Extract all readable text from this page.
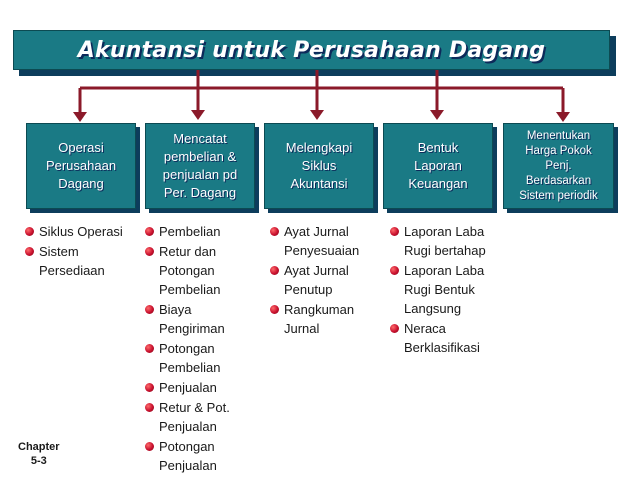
Akuntansi untuk Perusahaan Dagang
Operasi
Perusahaan
Dagang
Mencatat
pembelian &
penjualan pd
Per. Dagang
Melengkapi
Siklus
Akuntansi
Bentuk
Laporan
Keuangan
Menentukan
Harga Pokok
Penj.
Berdasarkan
Sistem periodik
Siklus Operasi
Sistem
Persediaan
Pembelian
Retur dan
Potongan
Pembelian
Biaya
Pengiriman
Potongan
Pembelian
Penjualan
Retur & Pot.
Penjualan
Potongan
Penjualan
Ayat Jurnal
Penyesuaian
Ayat Jurnal
Penutup
Rangkuman
Jurnal
Laporan Laba
Rugi bertahap
Laporan Laba
Rugi Bentuk
Langsung
Neraca
Berklasifikasi
Chapter
5-3
